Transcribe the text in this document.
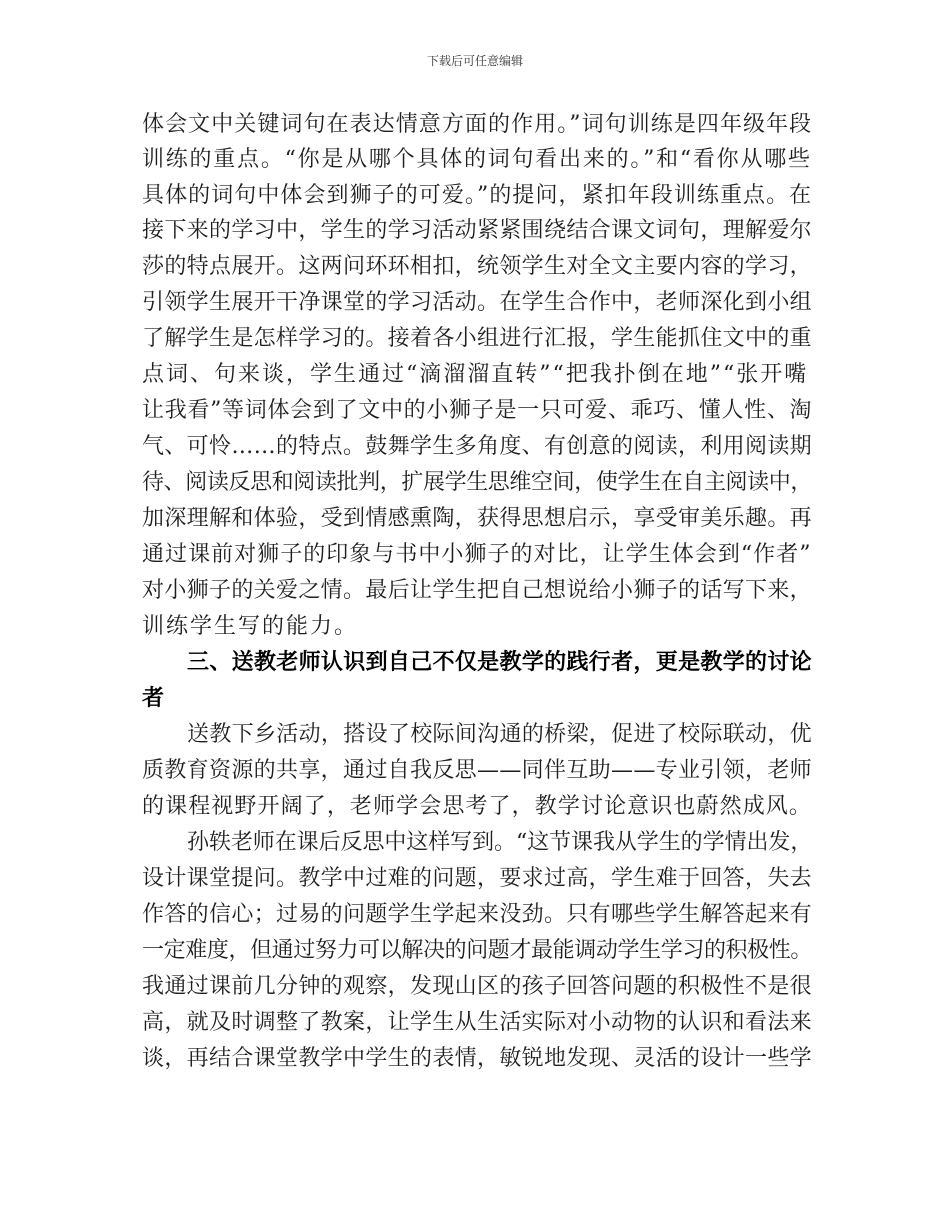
下载后可任意编辑
体会文中关键词句在表达情意方面的作用。”词句训练是四年级年段
训练的重点。“你是从哪个具体的词句看出来的。”和“看你从哪些
具体的词句中体会到狮子的可爱。”的提问，紧扣年段训练重点。在
接下来的学习中，学生的学习活动紧紧围绕结合课文词句，理解爱尔
莎的特点展开。这两问环环相扣，统领学生对全文主要内容的学习，
引领学生展开干净课堂的学习活动。在学生合作中，老师深化到小组
了解学生是怎样学习的。接着各小组进行汇报，学生能抓住文中的重
点词、句来谈，学生通过“滴溜溜直转”“把我扑倒在地”“张开嘴
让我看”等词体会到了文中的小狮子是一只可爱、乖巧、懂人性、淘
气、可怜……的特点。鼓舞学生多角度、有创意的阅读，利用阅读期
待、阅读反思和阅读批判，扩展学生思维空间，使学生在自主阅读中，
加深理解和体验，受到情感熏陶，获得思想启示，享受审美乐趣。再
通过课前对狮子的印象与书中小狮子的对比，让学生体会到“作者”
对小狮子的关爱之情。最后让学生把自己想说给小狮子的话写下来，
训练学生写的能力。
三、送教老师认识到自己不仅是教学的践行者，更是教学的讨论
者
送教下乡活动，搭设了校际间沟通的桥梁，促进了校际联动，优
质教育资源的共享，通过自我反思——同伴互助——专业引领，老师
的课程视野开阔了，老师学会思考了，教学讨论意识也蔚然成风。
孙轶老师在课后反思中这样写到。“这节课我从学生的学情出发，
设计课堂提问。教学中过难的问题，要求过高，学生难于回答，失去
作答的信心；过易的问题学生学起来没劲。只有哪些学生解答起来有
一定难度，但通过努力可以解决的问题才最能调动学生学习的积极性。
我通过课前几分钟的观察，发现山区的孩子回答问题的积极性不是很
高，就及时调整了教案，让学生从生活实际对小动物的认识和看法来
谈，再结合课堂教学中学生的表情，敏锐地发现、灵活的设计一些学
